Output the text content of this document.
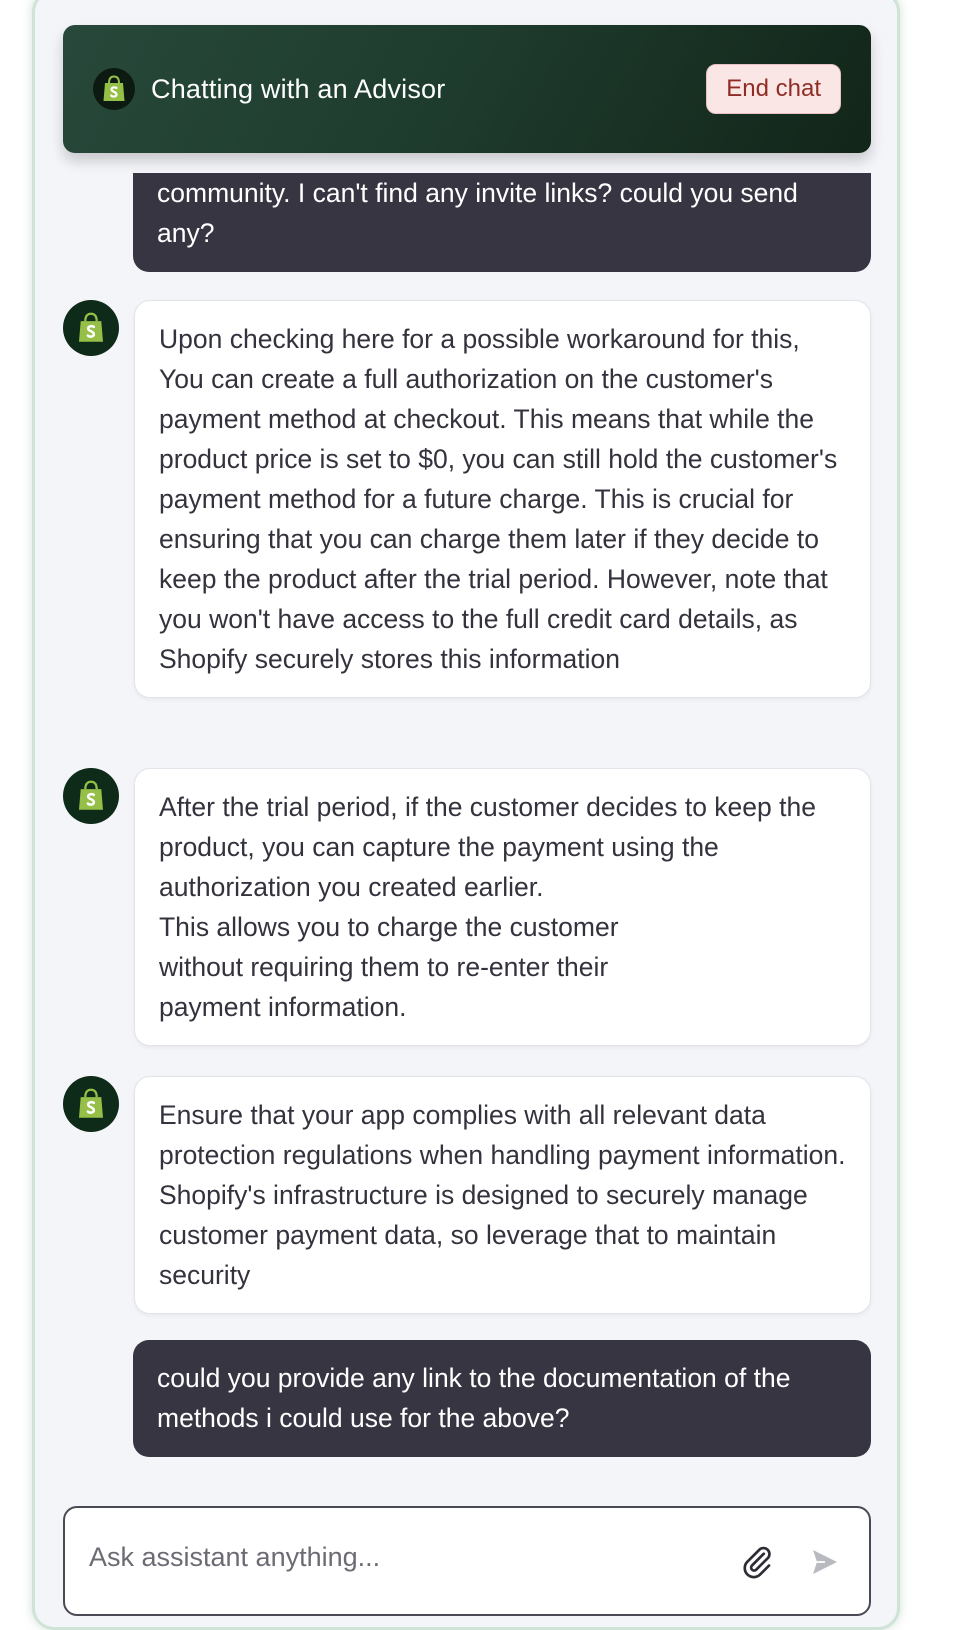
Chatting with an Advisor	End chat
community. I can't find any invite links? could you send any?
Upon checking here for a possible workaround for this, You can create a full authorization on the customer's payment method at checkout. This means that while the product price is set to $0, you can still hold the customer's payment method for a future charge. This is crucial for ensuring that you can charge them later if they decide to keep the product after the trial period. However, note that you won't have access to the full credit card details, as Shopify securely stores this information
After the trial period, if the customer decides to keep the product, you can capture the payment using the authorization you created earlier.
This allows you to charge the customer
without requiring them to re-enter their
payment information.
Ensure that your app complies with all relevant data protection regulations when handling payment information. Shopify's infrastructure is designed to securely manage customer payment data, so leverage that to maintain security
could you provide any link to the documentation of the methods i could use for the above?
Ask assistant anything...
